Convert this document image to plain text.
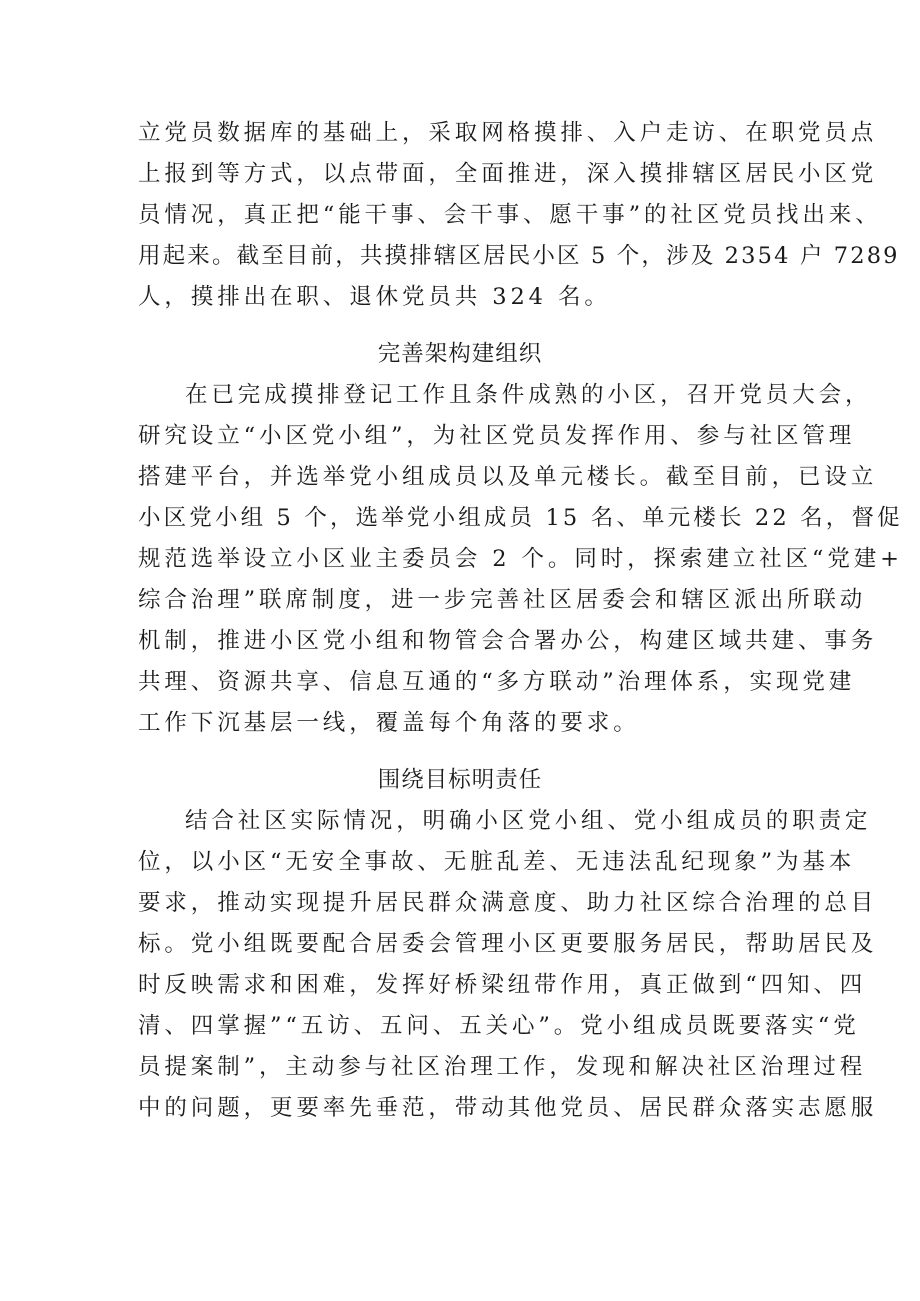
立党员数据库的基础上，采取网格摸排、入户走访、在职党员点
上报到等方式，以点带面，全面推进，深入摸排辖区居民小区党
员情况，真正把“能干事、会干事、愿干事”的社区党员找出来、
用起来。截至目前，共摸排辖区居民小区 5 个，涉及 2354 户 7289
人，摸排出在职、退休党员共 324 名。
完善架构建组织
在已完成摸排登记工作且条件成熟的小区，召开党员大会，
研究设立“小区党小组”，为社区党员发挥作用、参与社区管理
搭建平台，并选举党小组成员以及单元楼长。截至目前，已设立
小区党小组 5 个，选举党小组成员 15 名、单元楼长 22 名，督促
规范选举设立小区业主委员会 2 个。同时，探索建立社区“党建+
综合治理”联席制度，进一步完善社区居委会和辖区派出所联动
机制，推进小区党小组和物管会合署办公，构建区域共建、事务
共理、资源共享、信息互通的“多方联动”治理体系，实现党建
工作下沉基层一线，覆盖每个角落的要求。
围绕目标明责任
结合社区实际情况，明确小区党小组、党小组成员的职责定
位，以小区“无安全事故、无脏乱差、无违法乱纪现象”为基本
要求，推动实现提升居民群众满意度、助力社区综合治理的总目
标。党小组既要配合居委会管理小区更要服务居民，帮助居民及
时反映需求和困难，发挥好桥梁纽带作用，真正做到“四知、四
清、四掌握”“五访、五问、五关心”。党小组成员既要落实“党
员提案制”，主动参与社区治理工作，发现和解决社区治理过程
中的问题，更要率先垂范，带动其他党员、居民群众落实志愿服
